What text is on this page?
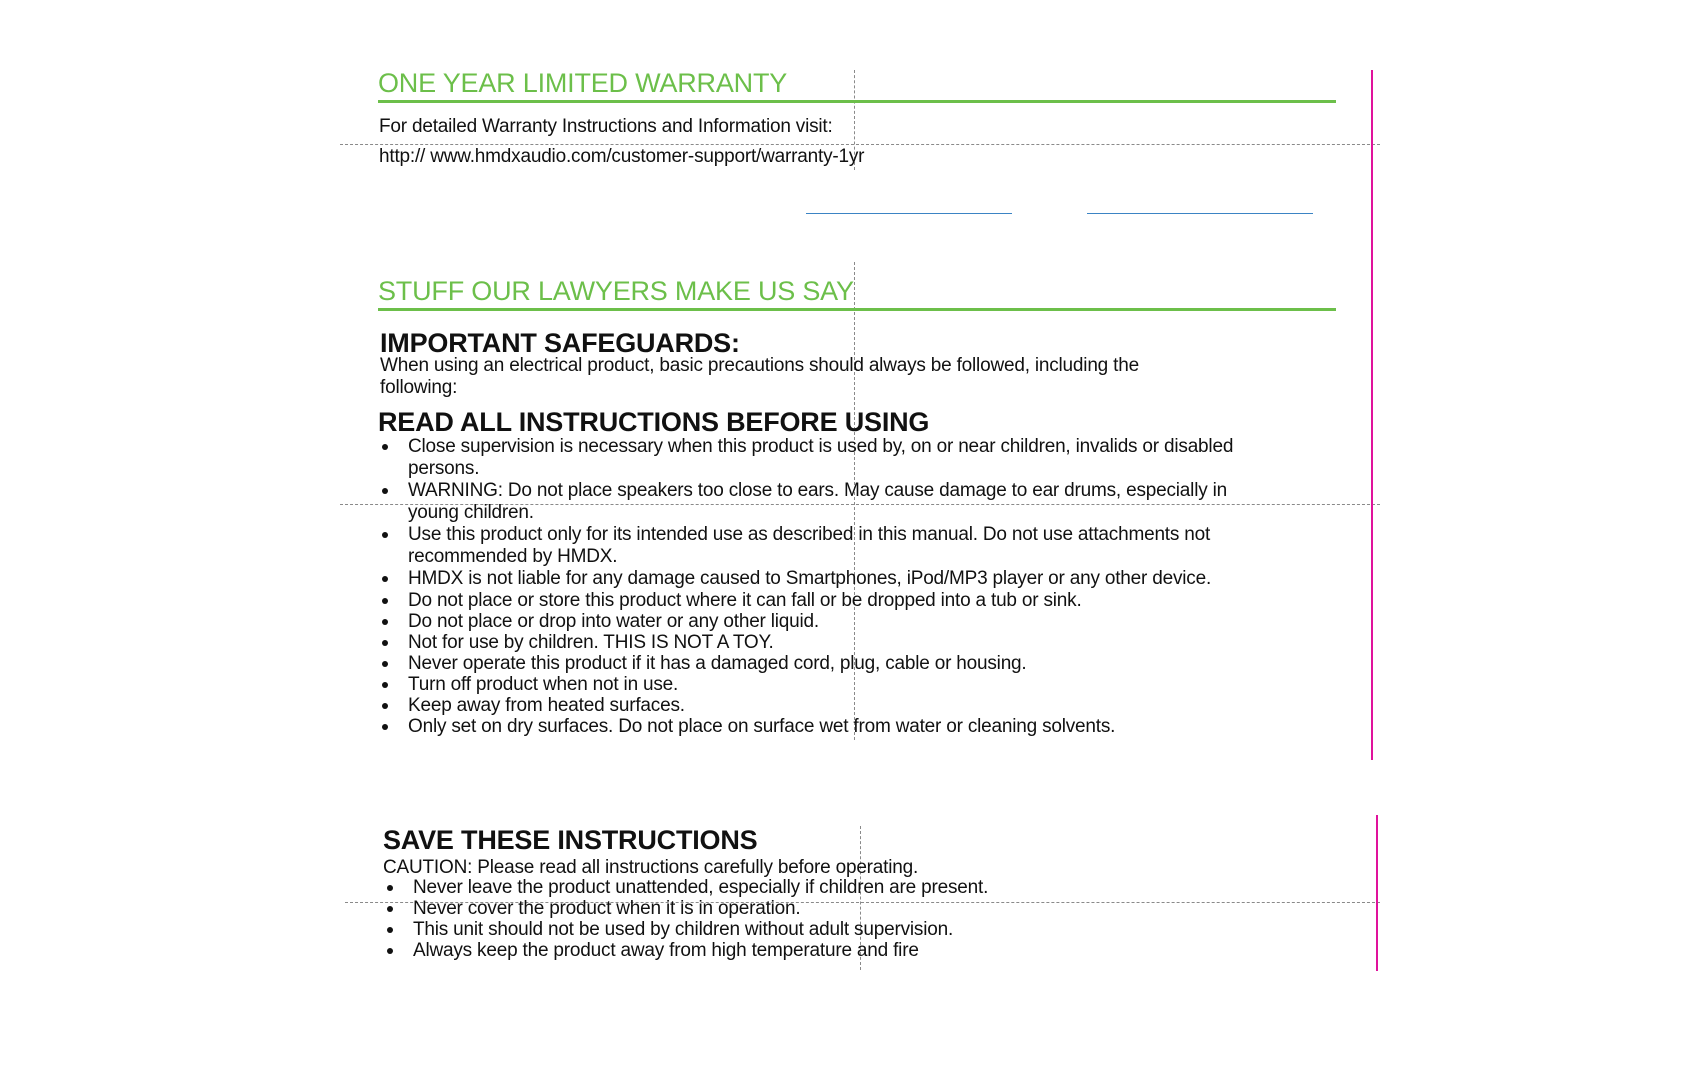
ONE YEAR LIMITED WARRANTY
For detailed Warranty Instructions and Information visit:
http:// www.hmdxaudio.com/customer-support/warranty-1yr
STUFF OUR LAWYERS MAKE US SAY
IMPORTANT SAFEGUARDS:
When using an electrical product, basic precautions should always be followed, including the following:
READ ALL INSTRUCTIONS BEFORE USING
Close supervision is necessary when this product is used by, on or near children, invalids or disabled persons.
WARNING: Do not place speakers too close to ears. May cause damage to ear drums, especially in young children.
Use this product only for its intended use as described in this manual. Do not use attachments not recommended by HMDX.
HMDX is not liable for any damage caused to Smartphones, iPod/MP3 player or any other device.
Do not place or store this product where it can fall or be dropped into a tub or sink.
Do not place or drop into water or any other liquid.
Not for use by children. THIS IS NOT A TOY.
Never operate this product if it has a damaged cord, plug, cable or housing.
Turn off product when not in use.
Keep away from heated surfaces.
Only set on dry surfaces. Do not place on surface wet from water or cleaning solvents.
SAVE THESE INSTRUCTIONS
CAUTION: Please read all instructions carefully before operating.
Never leave the product unattended, especially if children are present.
Never cover the product when it is in operation.
This unit should not be used by children without adult supervision.
Always keep the product away from high temperature and fire
